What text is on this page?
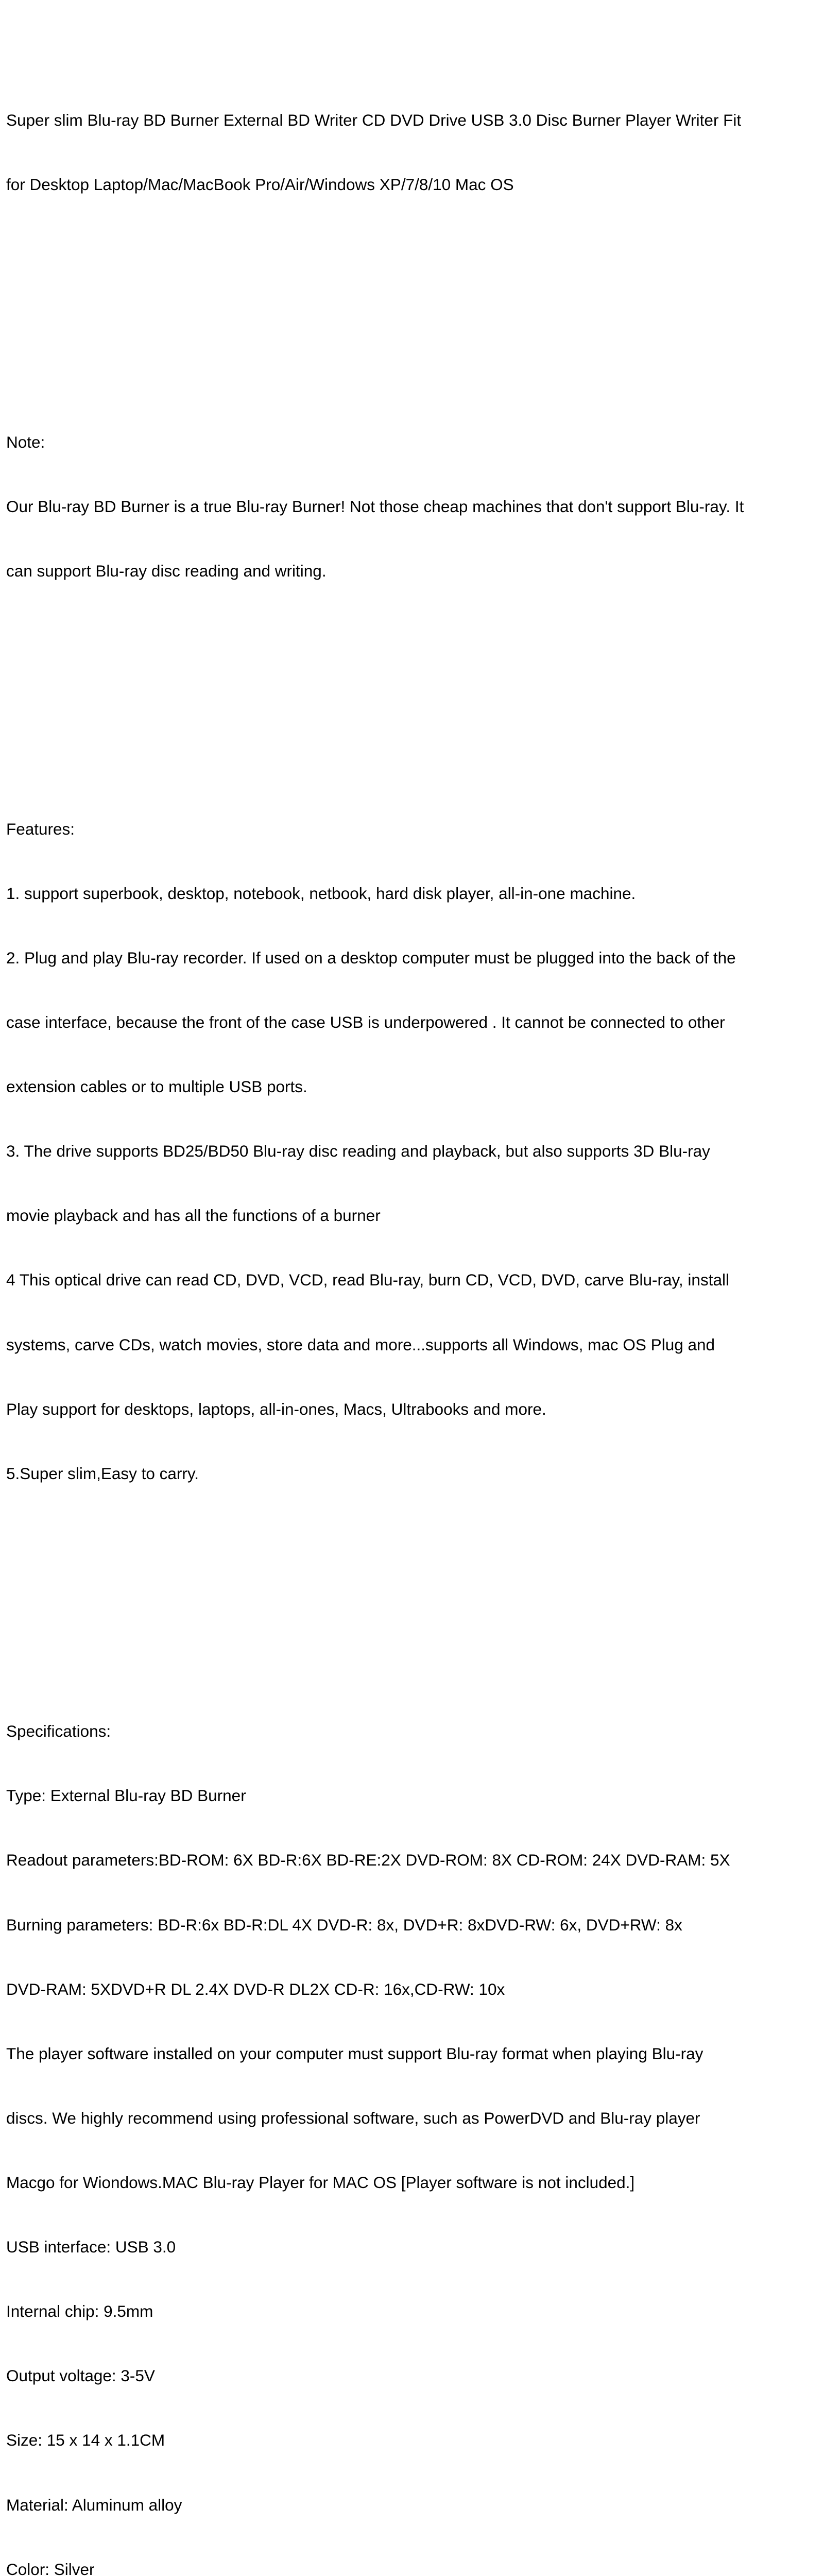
Super slim Blu-ray BD Burner External BD Writer CD DVD Drive USB 3.0 Disc Burner Player Writer Fit

for Desktop Laptop/Mac/MacBook Pro/Air/Windows XP/7/8/10 Mac OS

Note:

Our Blu-ray BD Burner is a true Blu-ray Burner! Not those cheap machines that don't support Blu-ray. It

can support Blu-ray disc reading and writing.

Features:

1. support superbook, desktop, notebook, netbook, hard disk player, all-in-one machine.

2. Plug and play Blu-ray recorder. If used on a desktop computer must be plugged into the back of the

case interface, because the front of the case USB is underpowered . It cannot be connected to other

extension cables or to multiple USB ports.

3. The drive supports BD25/BD50 Blu-ray disc reading and playback, but also supports 3D Blu-ray

movie playback and has all the functions of a burner

4 This optical drive can read CD, DVD, VCD, read Blu-ray, burn CD, VCD, DVD, carve Blu-ray, install

systems, carve CDs, watch movies, store data and more...supports all Windows, mac OS Plug and

Play support for desktops, laptops, all-in-ones, Macs, Ultrabooks and more.

5.Super slim,Easy to carry.

Specifications:

Type: External Blu-ray BD Burner

Readout parameters:BD-ROM: 6X BD-R:6X BD-RE:2X DVD-ROM: 8X CD-ROM: 24X DVD-RAM: 5X

Burning parameters: BD-R:6x BD-R:DL 4X DVD-R: 8x, DVD+R: 8xDVD-RW: 6x, DVD+RW: 8x

DVD-RAM: 5XDVD+R DL 2.4X DVD-R DL2X CD-R: 16x,CD-RW: 10x

The player software installed on your computer must support Blu-ray format when playing Blu-ray

discs. We highly recommend using professional software, such as PowerDVD and Blu-ray player

Macgo for Wiondows.MAC Blu-ray Player for MAC OS [Player software is not included.]

USB interface: USB 3.0

Internal chip: 9.5mm

Output voltage: 3-5V

Size: 15 x 14 x 1.1CM

Material: Aluminum alloy

Color: Silver
